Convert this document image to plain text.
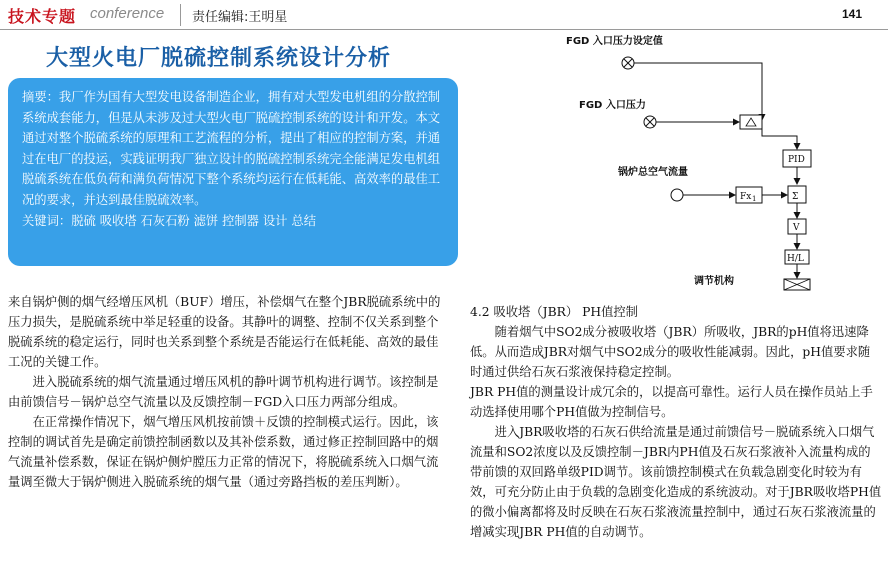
技术专题 conference 责任编辑:王明星	141
大型火电厂脱硫控制系统设计分析

摘要：我厂作为国有大型发电设备制造企业，拥有对大型发电机组的分散控制系统成套能力，但是从未涉及过大型火电厂脱硫控制系统的设计和开发。本文通过对整个脱硫系统的原理和工艺流程的分析，提出了相应的控制方案，并通过在电厂的投运，实践证明我厂独立设计的脱硫控制系统完全能满足发电机组脱硫系统在低负荷和满负荷情况下整个系统均运行在低耗能、高效率的最佳工况的要求，并达到最佳脱硫效率。

关键词：脱硫 吸收塔 石灰石粉 滤饼 控制器 设计 总结

来自锅炉侧的烟气经增压风机（BUF）增压，补偿烟气在整个JBR脱硫系统中的压力损失，是脱硫系统中举足轻重的设备。其静叶的调整、控制不仅关系到整个脱硫系统的稳定运行，同时也关系到整个系统是否能运行在低耗能、高效的最佳工况的关键工作。

进入脱硫系统的烟气流量通过增压风机的静叶调节机构进行调节。该控制是由前馈信号－锅炉总空气流量以及反馈控制－FGD入口压力两部分组成。

在正常操作情况下，烟气增压风机按前馈＋反馈的控制模式运行。因此，该控制的调试首先是确定前馈控制函数以及其补偿系数，通过修正控制回路中的烟气流量补偿系数，保证在锅炉侧炉膛压力正常的情况下，将脱硫系统入口烟气流量调至微大于锅炉侧进入脱硫系统的烟气量（通过旁路挡板的差压判断）。

FGD 入口压力设定值
FGD 入口压力
锅炉总空气流量
调节机构
PID
Fx 1	Σ
V
H/L

4.2 吸收塔（JBR） PH值控制

随着烟气中SO2成分被吸收塔（JBR）所吸收，JBR的pH值将迅速降低。从而造成JBR对烟气中SO2成分的吸收性能减弱。因此，pH值要求随时通过供给石灰石浆液保持稳定控制。

JBR PH值的测量设计成冗余的，以提高可靠性。运行人员在操作员站上手动选择使用哪个PH值做为控制信号。

进入JBR吸收塔的石灰石供给流量是通过前馈信号－脱硫系统入口烟气流量和SO2浓度以及反馈控制－JBR内PH值及石灰石浆液补入流量构成的带前馈的双回路单级PID调节。该前馈控制模式在负载急剧变化时较为有效，可充分防止由于负载的急剧变化造成的系统波动。对于JBR吸收塔PH值的微小偏离都将及时反映在石灰石浆液流量控制中，通过石灰石浆液流量的增减实现JBR PH值的自动调节。
